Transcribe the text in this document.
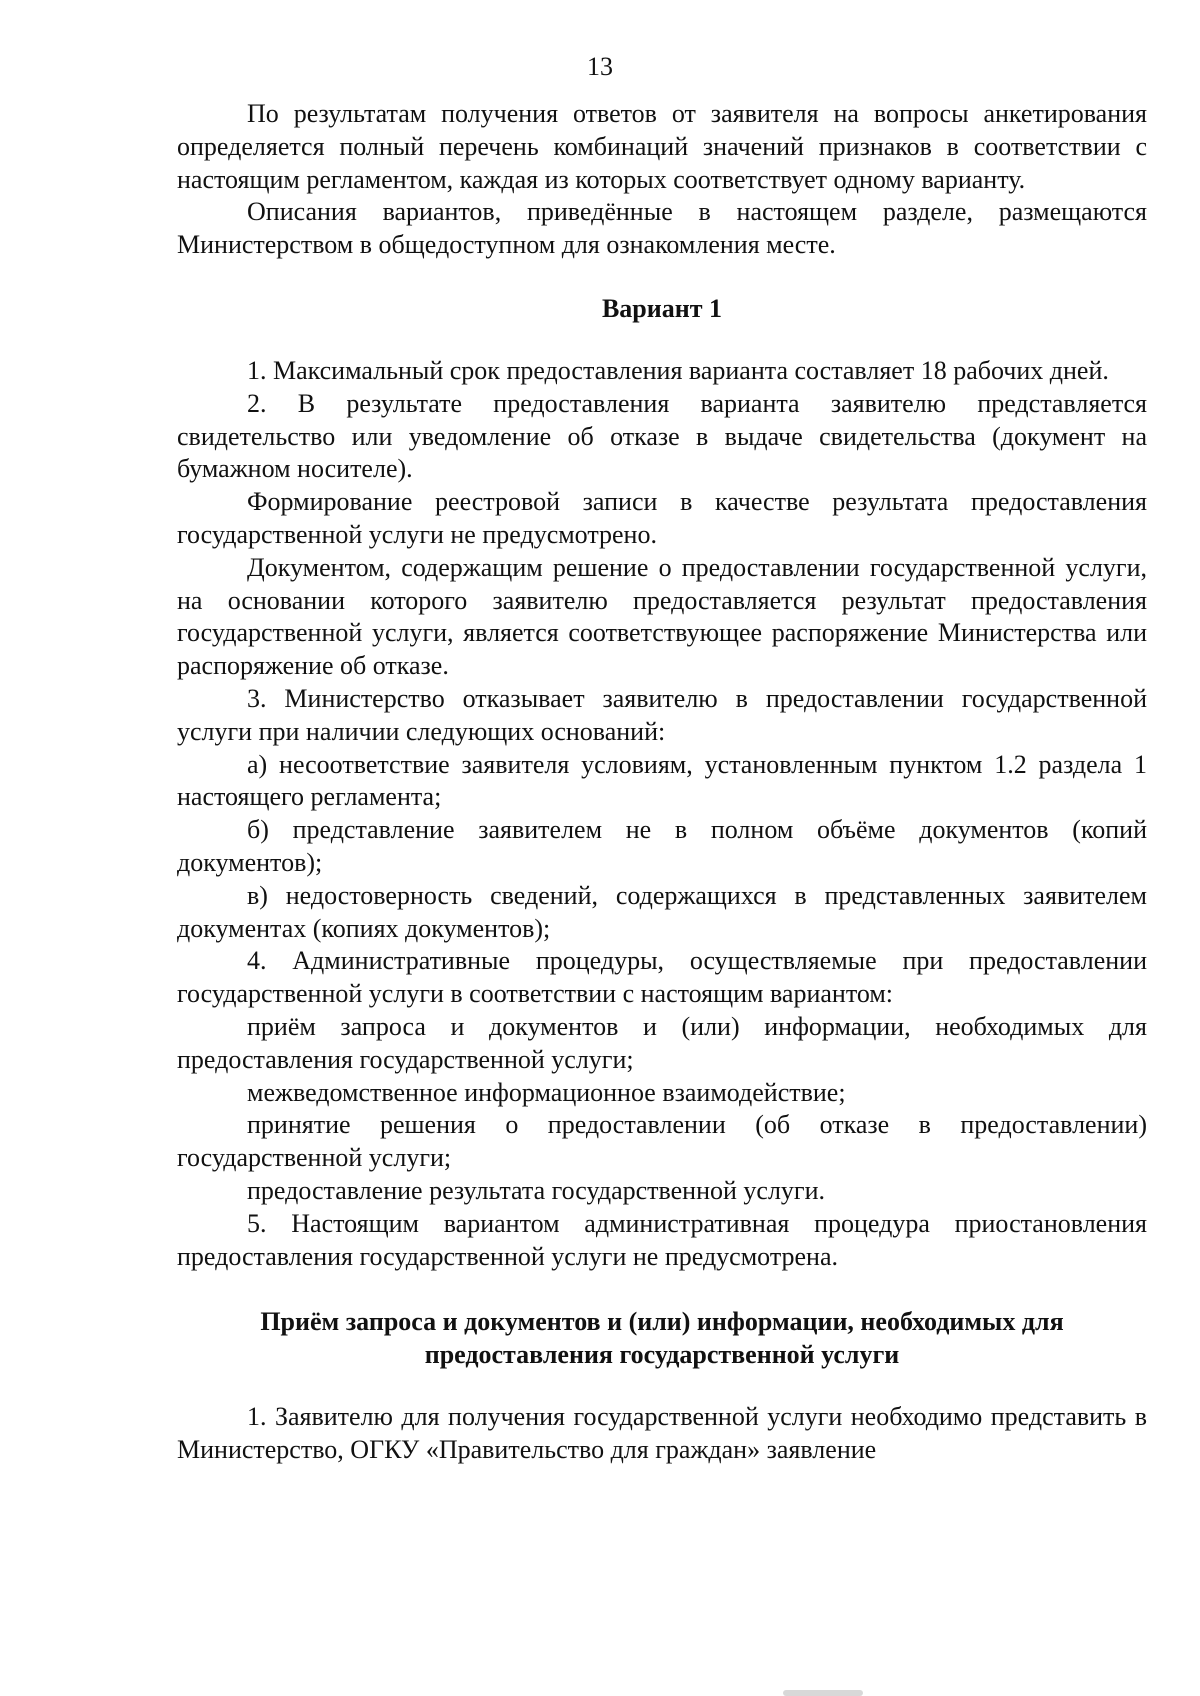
13

По результатам получения ответов от заявителя на вопросы анкетирования определяется полный перечень комбинаций значений признаков в соответствии с настоящим регламентом, каждая из которых соответствует одному варианту.

Описания вариантов, приведённые в настоящем разделе, размещаются Министерством в общедоступном для ознакомления месте.

Вариант 1

1. Максимальный срок предоставления варианта составляет 18 рабочих дней.

2. В результате предоставления варианта заявителю представляется свидетельство или уведомление об отказе в выдаче свидетельства (документ на бумажном носителе).

Формирование реестровой записи в качестве результата предоставления государственной услуги не предусмотрено.

Документом, содержащим решение о предоставлении государственной услуги, на основании которого заявителю предоставляется результат предоставления государственной услуги, является соответствующее распоряжение Министерства или распоряжение об отказе.

3. Министерство отказывает заявителю в предоставлении государственной услуги при наличии следующих оснований:

а) несоответствие заявителя условиям, установленным пунктом 1.2 раздела 1 настоящего регламента;

б) представление заявителем не в полном объёме документов (копий документов);

в) недостоверность сведений, содержащихся в представленных заявителем документах (копиях документов);

4. Административные процедуры, осуществляемые при предоставлении государственной услуги в соответствии с настоящим вариантом:

приём запроса и документов и (или) информации, необходимых для предоставления государственной услуги;

межведомственное информационное взаимодействие;

принятие решения о предоставлении (об отказе в предоставлении) государственной услуги;

предоставление результата государственной услуги.

5. Настоящим вариантом административная процедура приостановления предоставления государственной услуги не предусмотрена.

Приём запроса и документов и (или) информации, необходимых для
предоставления государственной услуги

1. Заявителю для получения государственной услуги необходимо представить в Министерство, ОГКУ «Правительство для граждан» заявление
